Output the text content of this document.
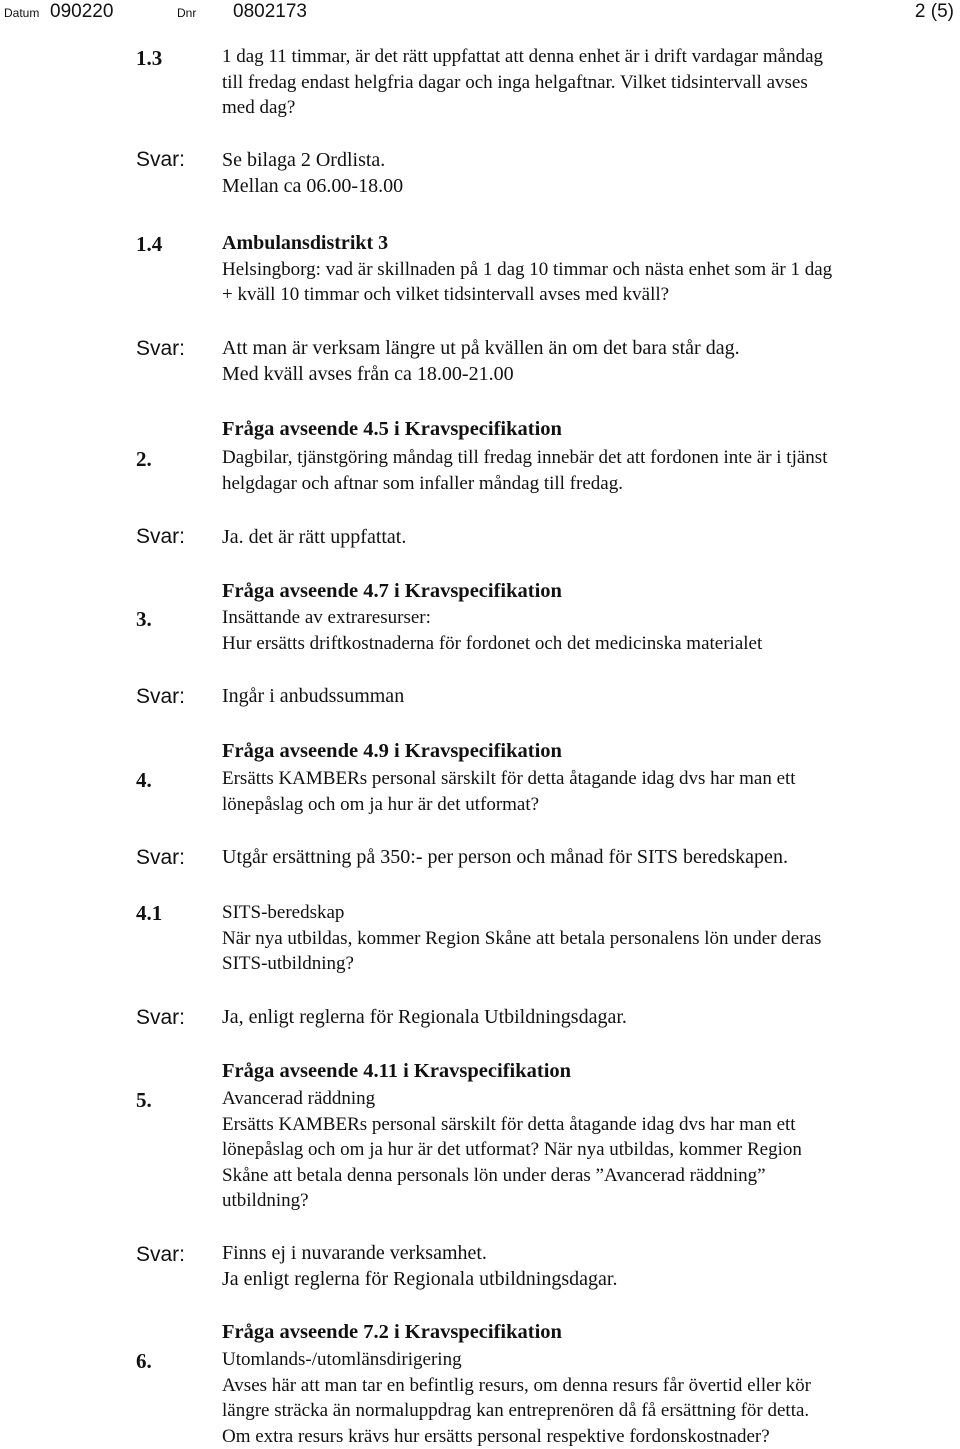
Datum 090220	Dnr 0802173	2 (5)
1.3	1 dag 11 timmar, är det rätt uppfattat att denna enhet är i drift vardagar måndag
till fredag endast helgfria dagar och inga helgaftnar. Vilket tidsintervall avses
med dag?
Svar: Se bilaga 2 Ordlista.
Mellan ca 06.00-18.00
1.4	Ambulansdistrikt 3
Helsingborg: vad är skillnaden på 1 dag 10 timmar och nästa enhet som är 1 dag
+ kväll 10 timmar och vilket tidsintervall avses med kväll?
Svar: Att man är verksam längre ut på kvällen än om det bara står dag.
Med kväll avses från ca 18.00-21.00
Fråga avseende 4.5 i Kravspecifikation
2.	Dagbilar, tjänstgöring måndag till fredag innebär det att fordonen inte är i tjänst
helgdagar och aftnar som infaller måndag till fredag.
Svar: Ja. det är rätt uppfattat.
Fråga avseende 4.7 i Kravspecifikation
3.	Insättande av extraresurser:
Hur ersätts driftkostnaderna för fordonet och det medicinska materialet
Svar: Ingår i anbudssumman
Fråga avseende 4.9 i Kravspecifikation
4.	Ersätts KAMBERs personal särskilt för detta åtagande idag dvs har man ett
lönepåslag och om ja hur är det utformat?
Svar: Utgår ersättning på 350:- per person och månad för SITS beredskapen.
4.1	SITS-beredskap
När nya utbildas, kommer Region Skåne att betala personalens lön under deras
SITS-utbildning?
Svar: Ja, enligt reglerna för Regionala Utbildningsdagar.
Fråga avseende 4.11 i Kravspecifikation
5.	Avancerad räddning
Ersätts KAMBERs personal särskilt för detta åtagande idag dvs har man ett
lönepåslag och om ja hur är det utformat? När nya utbildas, kommer Region
Skåne att betala denna personals lön under deras ”Avancerad räddning”
utbildning?
Svar: Finns ej i nuvarande verksamhet.
Ja enligt reglerna för Regionala utbildningsdagar.
Fråga avseende 7.2 i Kravspecifikation
6.	Utomlands-/utomlänsdirigering
Avses här att man tar en befintlig resurs, om denna resurs får övertid eller kör
längre sträcka än normaluppdrag kan entreprenören då få ersättning för detta.
Om extra resurs krävs hur ersätts personal respektive fordonskostnader?
